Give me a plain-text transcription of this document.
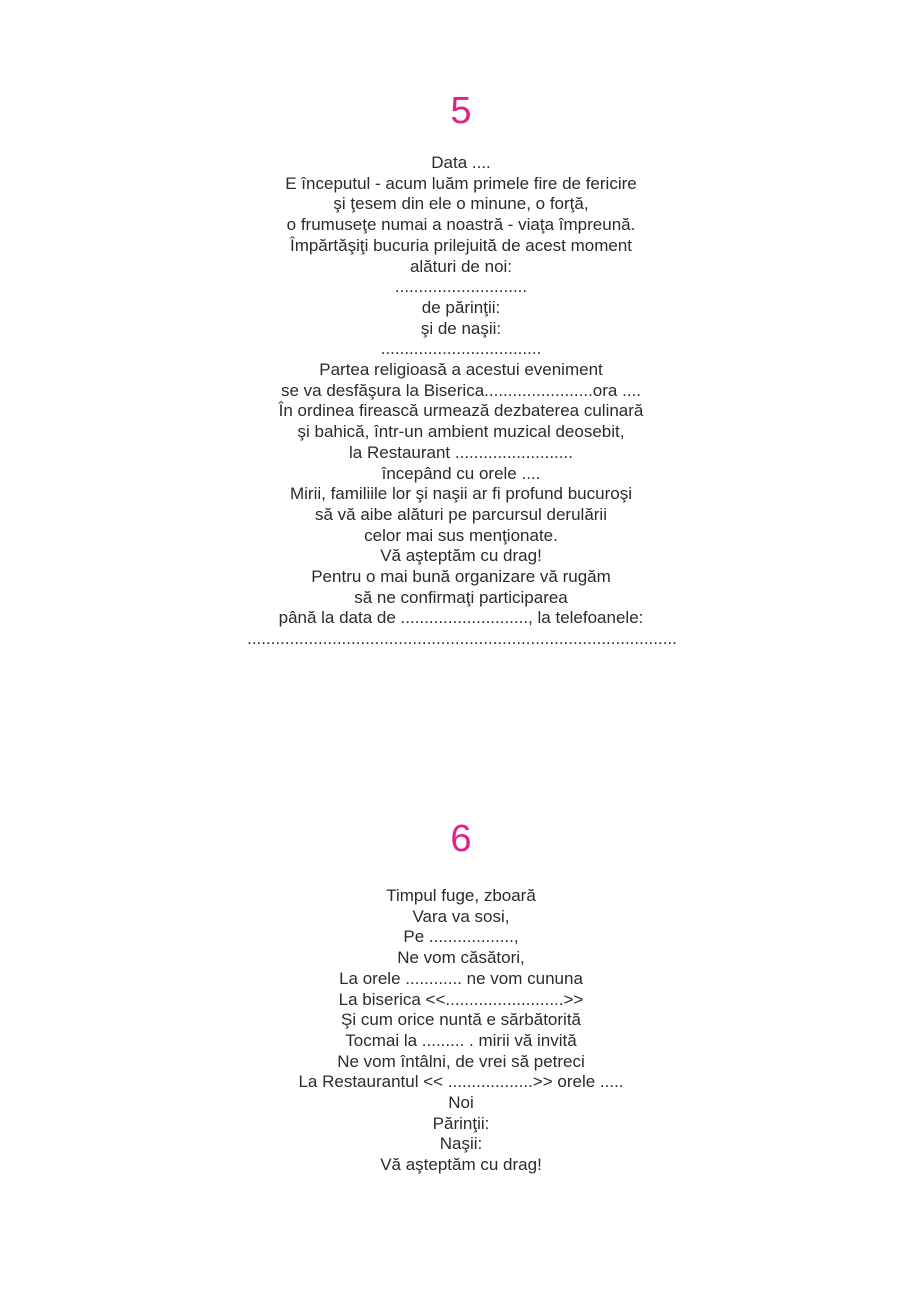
5
Data ....
E începutul - acum luăm primele fire de fericire
şi ţesem din ele o minune, o forţă,
o frumuseţe numai a noastră - viaţa împreună.
Împărtăşiţi bucuria prilejuită de acest moment
alături de noi:
............................
de părinţii:
şi de naşii:
..................................
Partea religioasă a acestui eveniment
se va desfăşura la Biserica.......................ora ....
În ordinea firească urmează dezbaterea culinară
şi bahică, într-un ambient muzical deosebit,
la Restaurant .........................
începând cu orele ....
Mirii, familiile lor şi naşii ar fi profund bucuroşi
să vă aibe alături pe parcursul derulării
celor mai sus menţionate.
Vă aşteptăm cu drag!
Pentru o mai bună organizare vă rugăm
să ne confirmaţi participarea
până la data de ..........................., la telefoanele:
...........................................................................................
6
Timpul fuge, zboară
Vara va sosi,
Pe ..................,
Ne vom căsători,
La orele ............ ne vom cununa
La biserica <<.........................>>
Şi cum orice nuntă e sărbătorită
Tocmai la ......... . mirii vă invită
Ne vom întâlni, de vrei să petreci
La Restaurantul << ..................>> orele .....
Noi
Părinţii:
Naşii:
Vă aşteptăm cu drag!
